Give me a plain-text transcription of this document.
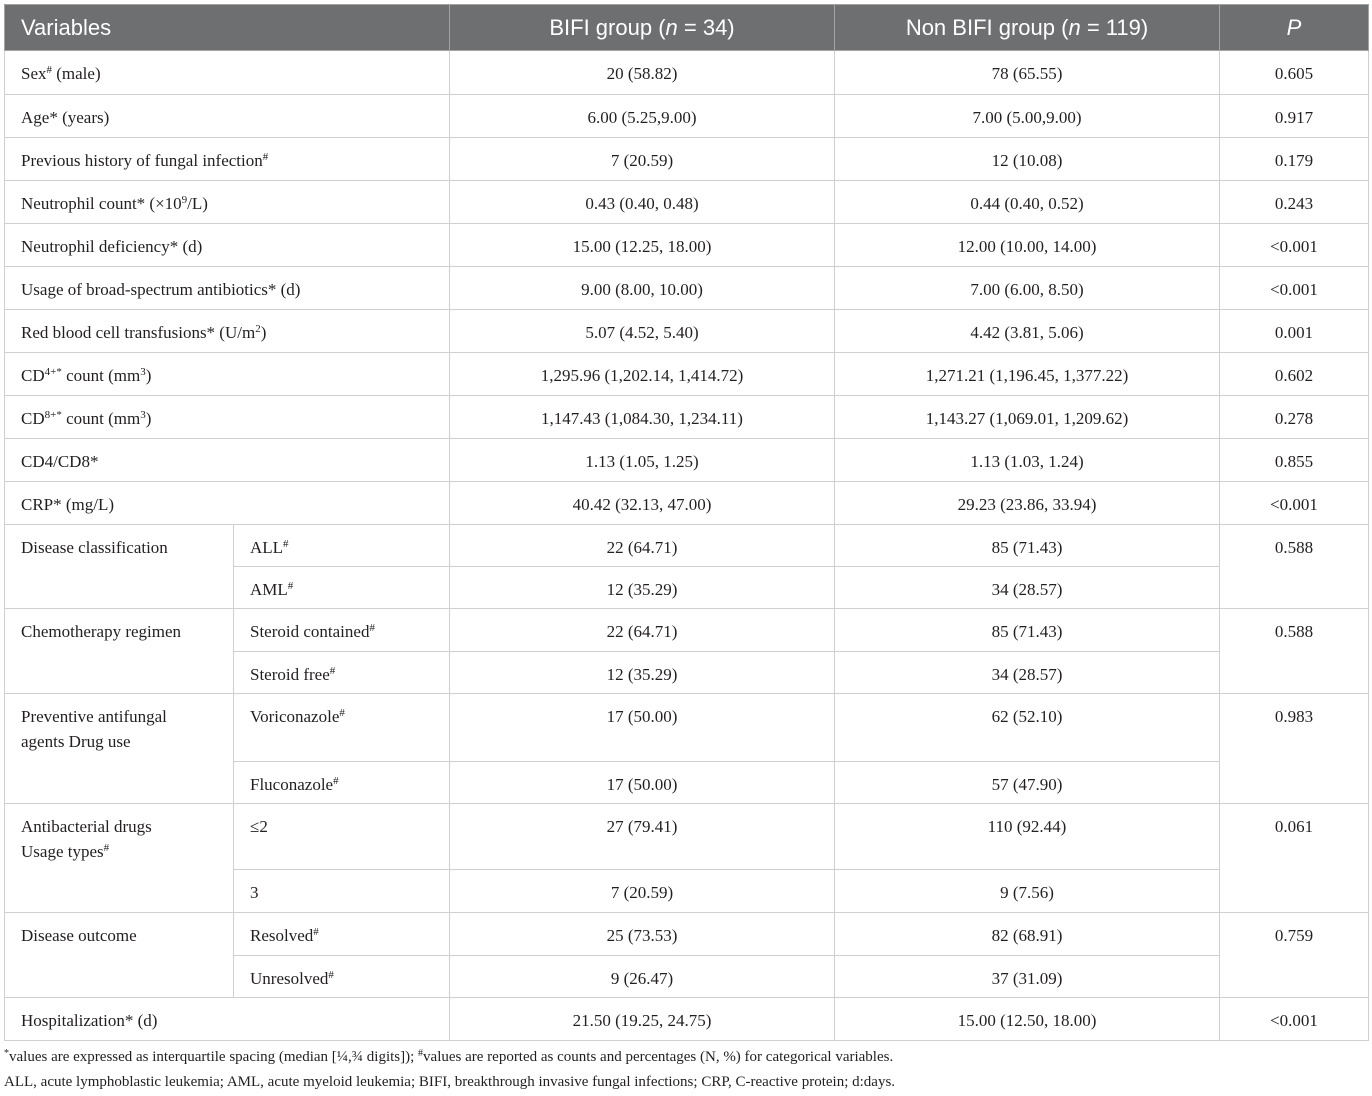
Variables		BIFI group (n = 34)	Non BIFI group (n = 119)	P
Sex# (male)		20 (58.82)	78 (65.55)	0.605
Age* (years)		6.00 (5.25,9.00)	7.00 (5.00,9.00)	0.917
Previous history of fungal infection#		7 (20.59)	12 (10.08)	0.179
Neutrophil count* $(\times 10^9/L)$		0.43 (0.40, 0.48)	0.44 (0.40, 0.52)	0.243
Neutrophil deficiency* (d)		15.00 (12.25, 18.00)	12.00 (10.00, 14.00)	<0.001
Usage of broad-spectrum antibiotics* (d)		9.00 (8.00, 10.00)	7.00 (6.00, 8.50)	<0.001
Red blood cell transfusions* $(U/m^2)$		5.07 (4.52, 5.40)	4.42 (3.81, 5.06)	0.001
$CD^{4+*}$ count $(mm^3)$		1,295.96 (1,202.14, 1,414.72)	1,271.21 (1,196.45, 1,377.22)	0.602
$CD^{8+*}$ count $(mm^3)$		1,147.43 (1,084.30, 1,234.11)	1,143.27 (1,069.01, 1,209.62)	0.278
CD4/CD8*		1.13 (1.05, 1.25)	1.13 (1.03, 1.24)	0.855
CRP* (mg/L)		40.42 (32.13, 47.00)	29.23 (23.86, 33.94)	<0.001
Disease classification	ALL#	22 (64.71)	85 (71.43)	0.588
	AML#	12 (35.29)	34 (28.57)	
Chemotherapy regimen	Steroid contained#	22 (64.71)	85 (71.43)	0.588
	Steroid free#	12 (35.29)	34 (28.57)	

Preventive antifungal
agents Drug use	Voriconazole#	17 (50.00)	62 (52.10)	0.983
	Fluconazole#	17 (50.00)	57 (47.90)	

Antibacterial drugs
Usage types#	≤2	27 (79.41)	110 (92.44)	0.061
	3	7 (20.59)	9 (7.56)	
Disease outcome	Resolved#	25 (73.53)	82 (68.91)	0.759
	Unresolved#	9 (26.47)	37 (31.09)	
Hospitalization* (d)		21.50 (19.25, 24.75)	15.00 (12.50, 18.00)	<0.001
*values are expressed as interquartile spacing (median [¼,¾ digits]); #values are reported as counts and percentages (N, %) for categorical variables.
ALL, acute lymphoblastic leukemia; AML, acute myeloid leukemia; BIFI, breakthrough invasive fungal infections; CRP, C-reactive protein; d:days.
